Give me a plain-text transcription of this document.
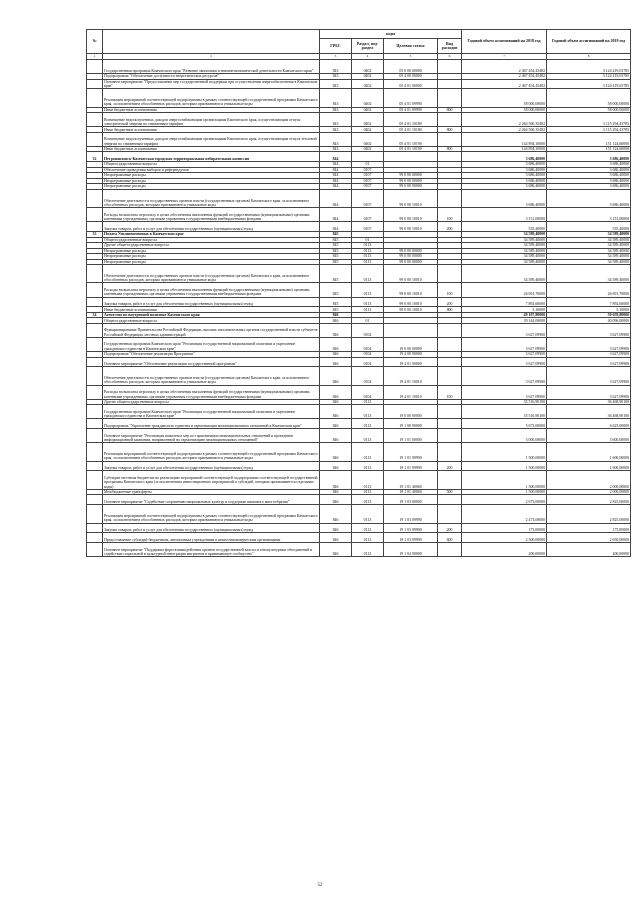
№		коды				Годовой объем ассигнований на 2018 год	Годовой объем ассигнований на 2019 год
		ГРБС	Раздел, под-раздел	Целевая статья	Вид расходов		
1	2	3	4	5	6	7	8
	Государственная программа Камчатского края "Развитие экономики и внешнеэкономической деятельности Камчатского края"	843	0402	05 0 00 00000		2 467 454,45482	3 124 419,03785
	Подпрограмма "Обеспечение доступности энергетических ресурсов"	843	0402	05 4 00 00000		2 467 454,45482	3 124 419,03785
	Основное мероприятие "Предоставление мер государственной поддержки при осуществлении энергообеспечения в Камчатском крае"	843	0402	05 4 01 00000		2 467 454,45482	3 124 419,03785
	Реализация мероприятий соответствующей подпрограммы в рамках соответствующей государственной программы Камчатского края, за исключением обособленных расходов, которым присваиваются уникальные коды	843	0402	05 4 01 09990		58 000,00000	58 000,00000
	Иные бюджетные ассигнования	843	0402	05 4 01 09990	800	58 000,00000	58 000,00000
	Возмещение недополученных доходов энергоснабжающим организациям Камчатского края, осуществляющим отпуск электрической энергии по сниженным тарифам	843	0402	05 4 01 10180		2 264 560,35482	3 115 294,43785
	Иные бюджетные ассигнования	843	0402	05 4 01 10180	800	2 264 560,35482	3 115 294,43785
	Возмещение недополученных доходов энергоснабжающим организациям Камчатского края, осуществляющим отпуск тепловой энергии по сниженным тарифам	843	0402	05 4 01 10190		144 894,10000	151 124,60000
	Иные бюджетные ассигнования	843	0402	05 4 01 10190	800	144 894,10000	151 124,60000
32	Петропавловск-Камчатская городская территориальная избирательная комиссия	844				3 686,40000	3 686,40000
	Общегосударственные вопросы	844	01			3 686,40000	3 686,40000
	Обеспечение проведения выборов и референдумов	844	0107			3 686,40000	3 686,40000
	Непрограммные расходы	844	0107	99 0 00 00000		3 686,40000	3 686,40000
	Непрограммные расходы	844	0107	99 0 00 00000		3 686,40000	3 686,40000
	Непрограммные расходы	844	0107	99 0 00 00000		3 686,40000	3 686,40000
	Обеспечение деятельности государственных органов власти (государственных органов) Камчатского края, за исключением обособленных расходов, которым присваиваются уникальные коды	844	0107	99 0 00 10010		3 686,40000	3 686,40000
	Расходы на выплаты персоналу в целях обеспечения выполнения функций государственными (муниципальными) органами, казенными учреждениями, органами управления государственными внебюджетными фондами	844	0107	99 0 00 10010	100	3 151,00000	3 151,00000
	Закупка товаров, работ и услуг для обеспечения государственных (муниципальных) нужд	844	0107	99 0 00 10010	200	535,40000	535,40000
33	Палата Уполномоченных в Камчатском крае	845				34 589,40000	34 589,40000
	Общегосударственные вопросы	845	01			34 589,40000	34 589,40000
	Другие общегосударственные вопросы	845	0113			34 589,40000	34 589,40000
	Непрограммные расходы	845	0113	99 0 00 00000		34 589,40000	34 589,40000
	Непрограммные расходы	845	0113	99 0 00 00000		34 589,40000	34 589,40000
	Непрограммные расходы	845	0113	99 0 00 00000		34 589,40000	34 589,40000
	Обеспечение деятельности государственных органов власти (государственных органов) Камчатского края, за исключением обособленных расходов, которым присваиваются уникальные коды	845	0113	99 0 00 10010		34 589,40000	34 589,40000
	Расходы на выплаты персоналу в целях обеспечения выполнения функций государственными (муниципальными) органами, казенными учреждениями, органами управления государственными внебюджетными фондами	845	0113	99 0 00 10010	100	26 691,70000	26 691,70000
	Закупка товаров, работ и услуг для обеспечения государственных (муниципальных) нужд	845	0113	99 0 00 10010	200	7 892,60000	7 892,60000
	Иные бюджетные ассигнования	845	0113	99 0 00 10010	800	5,10000	5,10000
34	Агентство по внутренней политике Камчатского края	846				49 107,80000	50 659,80000
	Общегосударственные вопросы	846	01			39 144,00000	40 096,00000
	Функционирование Правительства Российской Федерации, высших исполнительных органов государственной власти субъектов Российской Федерации, местных администраций	846	0104			3 627,09900	3 627,09900
	Государственная программа Камчатского края "Реализация государственной национальной политики и укрепление гражданского единства в Камчатском крае"	846	0104	19 0 00 00000		3 627,09900	3 627,09900
	Подпрограмма "Обеспечение реализации Программы"	846	0104	19 4 00 00000		3 627,09900	3 627,09900
	Основное мероприятие "Обеспечение реализации государственной программы"	846	0104	19 4 01 00000		3 627,09900	3 627,09900
	Обеспечение деятельности государственных органов власти (государственных органов) Камчатского края, за исключением обособленных расходов, которым присваиваются уникальные коды	846	0104	19 4 01 10010		3 627,09900	3 627,09900
	Расходы на выплаты персоналу в целях обеспечения выполнения функций государственными (муниципальными) органами, казенными учреждениями, органами управления государственными внебюджетными фондами	846	0104	19 4 01 10010	100	3 627,09900	3 627,09900
	Другие общегосударственные вопросы	846	0113			35 516,90100	36 468,90100
	Государственная программа Камчатского края "Реализация государственной национальной политики и укрепление гражданского единства в Камчатском крае"	846	0113	19 0 00 00000		35 516,90100	36 468,90100
	Подпрограмма "Укрепление гражданского единства и гармонизация межнациональных отношений в Камчатском крае"	846	0113	19 1 00 00000		5 673,00000	6 625,00000
	Основное мероприятие "Реализация комплекса мер по гармонизации межнациональных отношений и проведение информационной кампании, направленной на гармонизацию межнациональных отношений"	846	0113	19 1 01 00000		3 000,00000	3 600,00000
	Реализация мероприятий соответствующей подпрограммы в рамках соответствующей государственной программы Камчатского края, за исключением обособленных расходов, которым присваиваются уникальные коды	846	0113	19 1 01 09990		1 500,00000	1 600,00000
	Закупка товаров, работ и услуг для обеспечения государственных (муниципальных) нужд	846	0113	19 1 01 09990	200	1 500,00000	1 600,00000
	Субсидии местным бюджетам на реализацию мероприятий соответствующей подпрограммы соответствующей государственной программы Камчатского края (за исключением инвестиционных мероприятий и субсидий, которым присваиваются отдельные коды)	846	0113	19 1 01 40060		1 500,00000	2 000,00000
	Межбюджетные трансферты	846	0113	19 1 01 40060	500	1 500,00000	2 000,00000
	Основное мероприятие "Содействие сохранению национальных культур и поддержке языкового многообразия"	846	0113	19 1 03 00000		2 673,00000	2 825,00000
	Реализация мероприятий соответствующей подпрограммы в рамках соответствующей государственной программы Камчатского края, за исключением обособленных расходов, которым присваиваются уникальные коды	846	0113	19 1 03 09990		2 473,00000	2 825,00000
	Закупка товаров, работ и услуг для обеспечения государственных (муниципальных) нужд	846	0113	19 1 03 09990	200	173,00000	175,00000
	Предоставление субсидий бюджетным, автономным учреждениям и иным некоммерческим организациям	846	0113	19 1 03 09990	600	2 300,00000	2 650,00000
	Основное мероприятие "Поддержка форм взаимодействия органов государственной власти и этнокультурных объединений и содействие социальной и культурной интеграции мигрантов в принимающее сообщество"	846	0113	19 1 04 00000		200,00000	200,00000
52
